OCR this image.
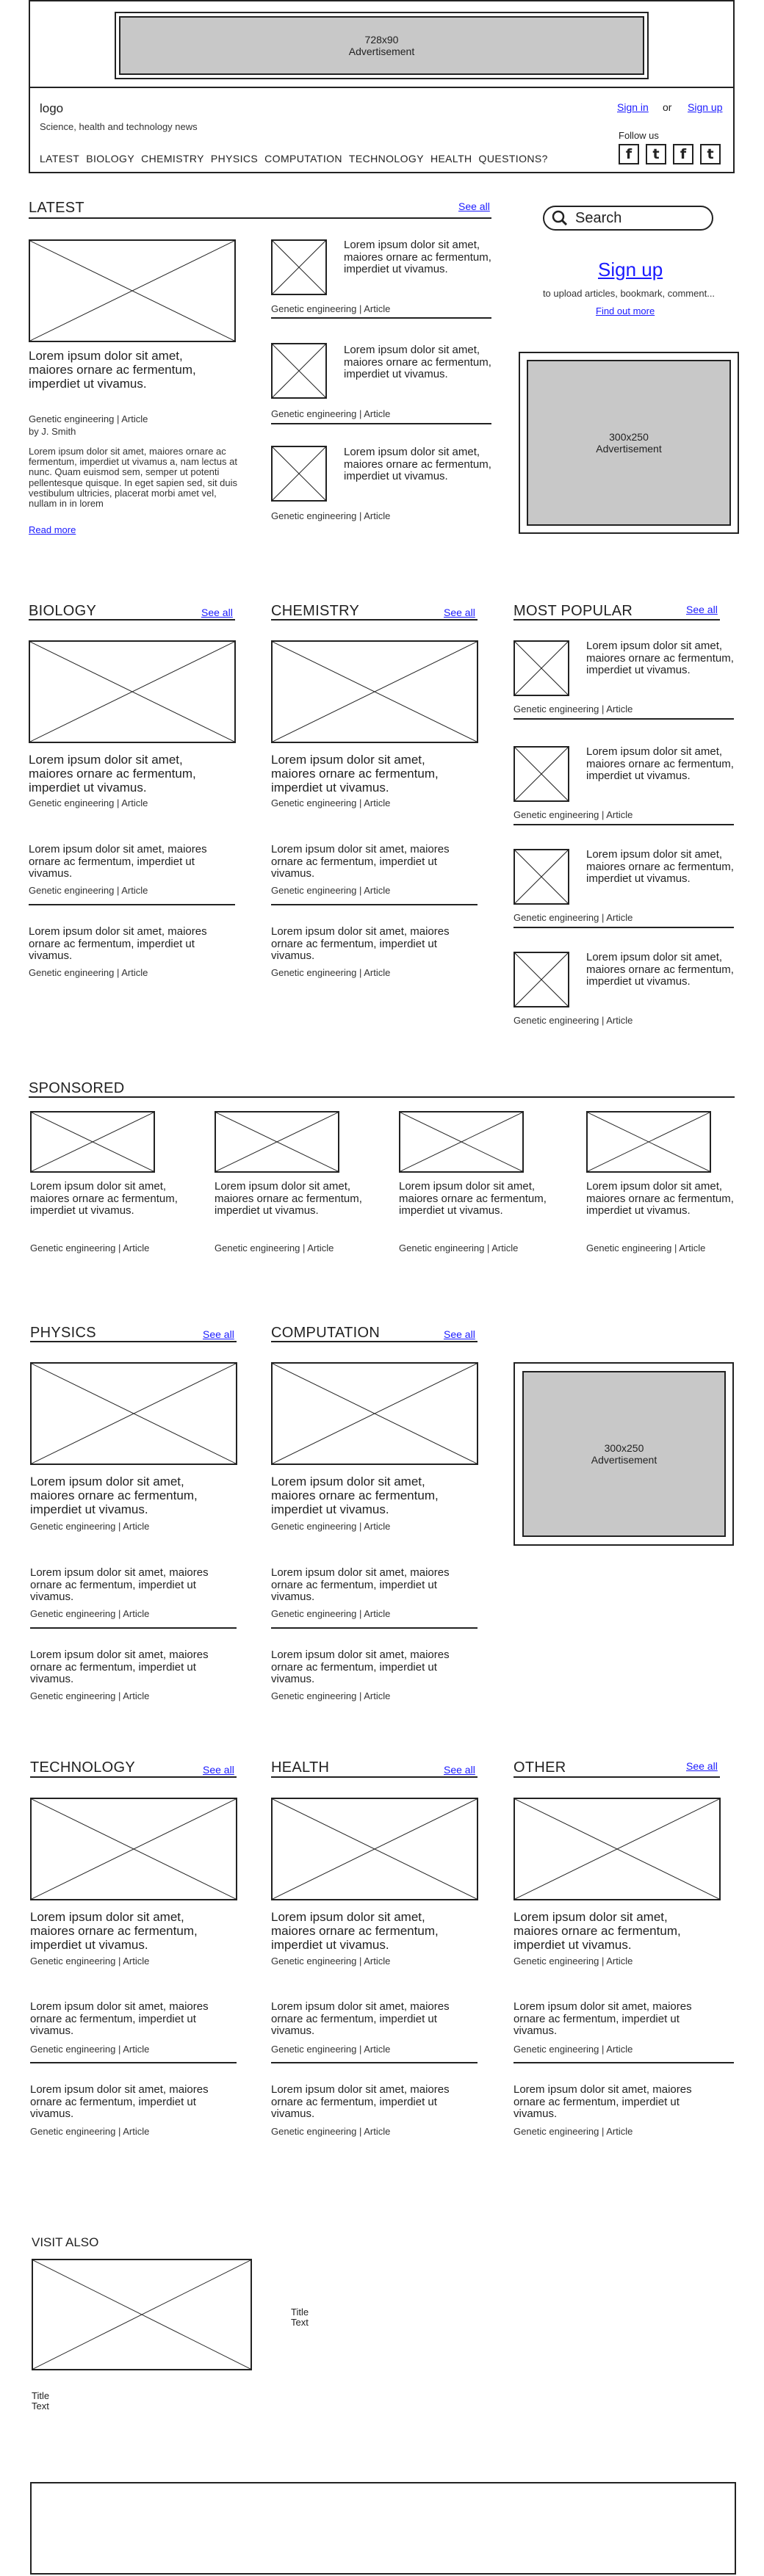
728x90
Advertisement
logo
Science, health and technology news
Sign in or Sign up
Follow us
f	t	f	t
LATEST BIOLOGY CHEMISTRY PHYSICS COMPUTATION TECHNOLOGY HEALTH QUESTIONS?
LATEST	See all
Lorem ipsum dolor sit amet, maiores ornare ac fermentum, imperdiet ut vivamus.
Genetic engineering | Article
by J. Smith
Lorem ipsum dolor sit amet, maiores ornare ac fermentum, imperdiet ut vivamus a, nam lectus at nunc. Quam euismod sem, semper ut potenti pellentesque quisque. In eget sapien sed, sit duis vestibulum ultricies, placerat morbi amet vel, nullam in in lorem
Read more
Lorem ipsum dolor sit amet, maiores ornare ac fermentum, imperdiet ut vivamus.
Genetic engineering | Article
Lorem ipsum dolor sit amet, maiores ornare ac fermentum, imperdiet ut vivamus.
Genetic engineering | Article
Lorem ipsum dolor sit amet, maiores ornare ac fermentum, imperdiet ut vivamus.
Genetic engineering | Article
Search
Sign up
to upload articles, bookmark, comment...
Find out more
300x250
Advertisement
BIOLOGY	See all
Lorem ipsum dolor sit amet, maiores ornare ac fermentum, imperdiet ut vivamus.
Genetic engineering | Article
Lorem ipsum dolor sit amet, maiores ornare ac fermentum, imperdiet ut vivamus.
Genetic engineering | Article
Lorem ipsum dolor sit amet, maiores ornare ac fermentum, imperdiet ut vivamus.
Genetic engineering | Article
CHEMISTRY	See all
Lorem ipsum dolor sit amet, maiores ornare ac fermentum, imperdiet ut vivamus.
Genetic engineering | Article
Lorem ipsum dolor sit amet, maiores ornare ac fermentum, imperdiet ut vivamus.
Genetic engineering | Article
Lorem ipsum dolor sit amet, maiores ornare ac fermentum, imperdiet ut vivamus.
Genetic engineering | Article
MOST POPULAR	See all
Lorem ipsum dolor sit amet, maiores ornare ac fermentum, imperdiet ut vivamus.
Genetic engineering | Article
Lorem ipsum dolor sit amet, maiores ornare ac fermentum, imperdiet ut vivamus.
Genetic engineering | Article
Lorem ipsum dolor sit amet, maiores ornare ac fermentum, imperdiet ut vivamus.
Genetic engineering | Article
Lorem ipsum dolor sit amet, maiores ornare ac fermentum, imperdiet ut vivamus.
Genetic engineering | Article
SPONSORED
Lorem ipsum dolor sit amet, maiores ornare ac fermentum, imperdiet ut vivamus.
Genetic engineering | Article
Lorem ipsum dolor sit amet, maiores ornare ac fermentum, imperdiet ut vivamus.
Genetic engineering | Article
Lorem ipsum dolor sit amet, maiores ornare ac fermentum, imperdiet ut vivamus.
Genetic engineering | Article
Lorem ipsum dolor sit amet, maiores ornare ac fermentum, imperdiet ut vivamus.
Genetic engineering | Article
PHYSICS	See all
Lorem ipsum dolor sit amet, maiores ornare ac fermentum, imperdiet ut vivamus.
Genetic engineering | Article
Lorem ipsum dolor sit amet, maiores ornare ac fermentum, imperdiet ut vivamus.
Genetic engineering | Article
Lorem ipsum dolor sit amet, maiores ornare ac fermentum, imperdiet ut vivamus.
Genetic engineering | Article
COMPUTATION	See all
Lorem ipsum dolor sit amet, maiores ornare ac fermentum, imperdiet ut vivamus.
Genetic engineering | Article
Lorem ipsum dolor sit amet, maiores ornare ac fermentum, imperdiet ut vivamus.
Genetic engineering | Article
Lorem ipsum dolor sit amet, maiores ornare ac fermentum, imperdiet ut vivamus.
Genetic engineering | Article
300x250
Advertisement
TECHNOLOGY	See all
Lorem ipsum dolor sit amet, maiores ornare ac fermentum, imperdiet ut vivamus.
Genetic engineering | Article
Lorem ipsum dolor sit amet, maiores ornare ac fermentum, imperdiet ut vivamus.
Genetic engineering | Article
Lorem ipsum dolor sit amet, maiores ornare ac fermentum, imperdiet ut vivamus.
Genetic engineering | Article
HEALTH	See all
Lorem ipsum dolor sit amet, maiores ornare ac fermentum, imperdiet ut vivamus.
Genetic engineering | Article
Lorem ipsum dolor sit amet, maiores ornare ac fermentum, imperdiet ut vivamus.
Genetic engineering | Article
Lorem ipsum dolor sit amet, maiores ornare ac fermentum, imperdiet ut vivamus.
Genetic engineering | Article
OTHER	See all
Lorem ipsum dolor sit amet, maiores ornare ac fermentum, imperdiet ut vivamus.
Genetic engineering | Article
Lorem ipsum dolor sit amet, maiores ornare ac fermentum, imperdiet ut vivamus.
Genetic engineering | Article
Lorem ipsum dolor sit amet, maiores ornare ac fermentum, imperdiet ut vivamus.
Genetic engineering | Article
VISIT ALSO
Title
Text
Title
Text
